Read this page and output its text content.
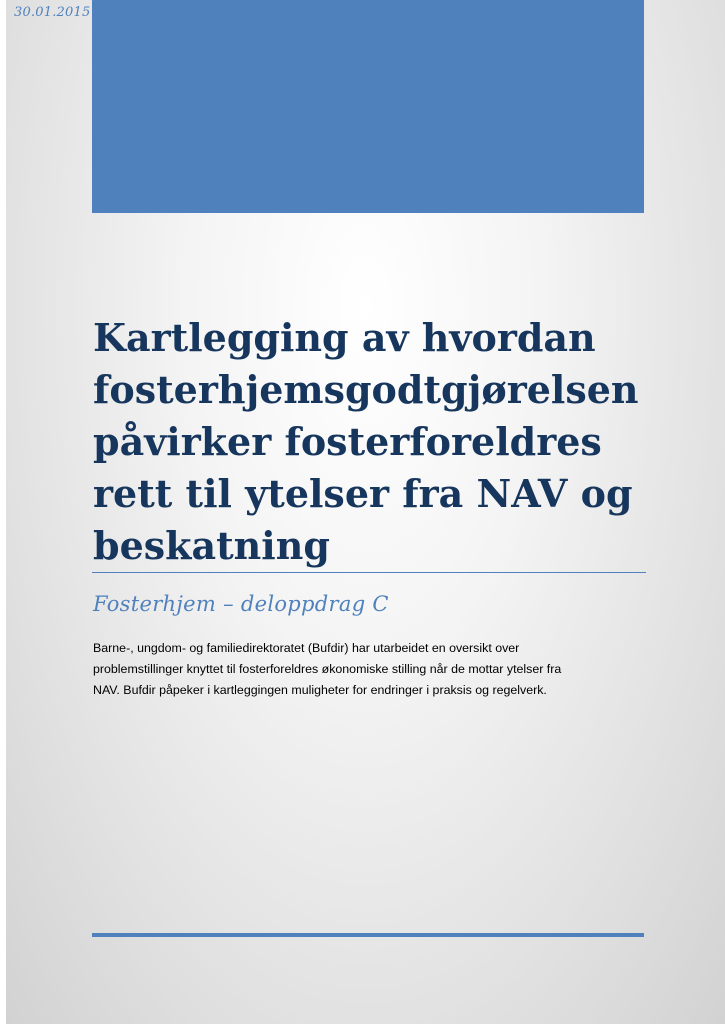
30.01.2015
Kartlegging av hvordan
fosterhjemsgodtgjørelsen
påvirker fosterforeldres
rett til ytelser fra NAV og
beskatning
Fosterhjem – deloppdrag C

Barne-, ungdom- og familiedirektoratet (Bufdir) har utarbeidet en oversikt over
problemstillinger knyttet til fosterforeldres økonomiske stilling når de mottar ytelser fra
NAV. Bufdir påpeker i kartleggingen muligheter for endringer i praksis og regelverk.
